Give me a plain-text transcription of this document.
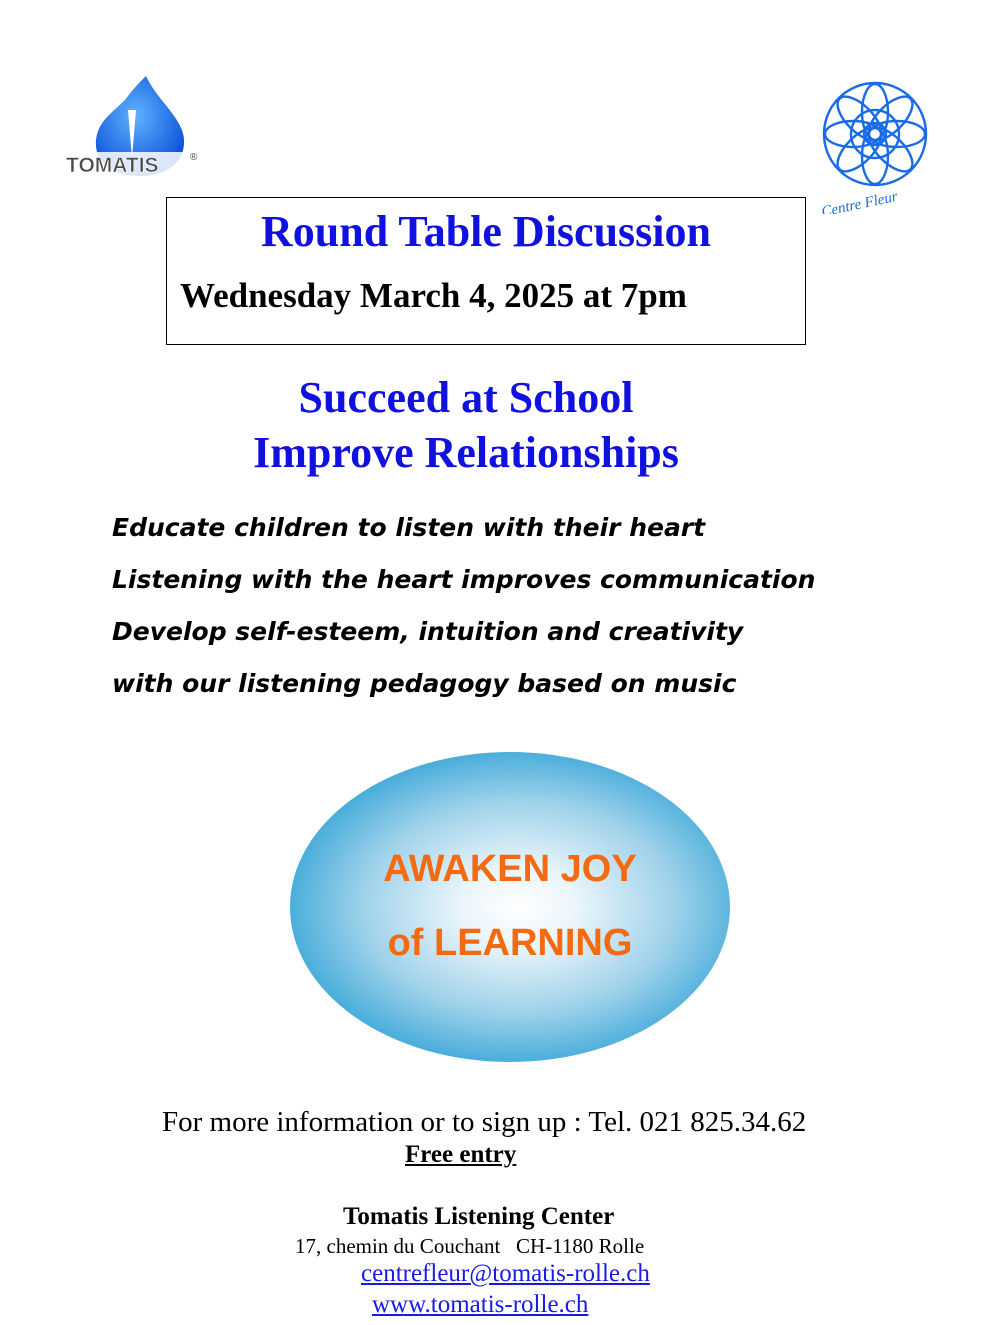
TOMATIS	®
Centre Fleur
Round Table Discussion
Wednesday March 4, 2025 at 7pm
Succeed at School
Improve Relationships
Educate children to listen with their heart
Listening with the heart improves communication
Develop self-esteem, intuition and creativity
with our listening pedagogy based on music
AWAKEN JOY
of LEARNING
For more information or to sign up : Tel. 021 825.34.62
Free entry
Tomatis Listening Center
17, chemin du Couchant   CH-1180 Rolle
centrefleur@tomatis-rolle.ch
www.tomatis-rolle.ch
